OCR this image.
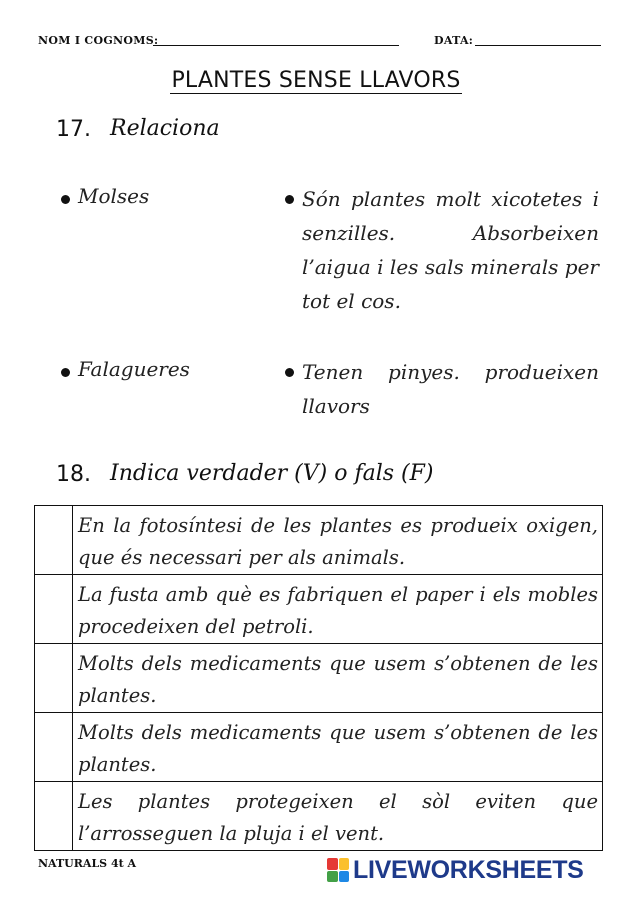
NOM I COGNOMS:	DATA:
PLANTES SENSE LLAVORS
17. Relaciona
Molses	Són plantes molt xicotetes i senzilles. Absorbeixen l’aigua i les sals minerals per tot el cos.
Falagueres	Tenen pinyes. produeixen llavors
18. Indica verdader (V) o fals (F)
	En la fotosíntesi de les plantes es produeix oxigen, que és necessari per als animals.
	La fusta amb què es fabriquen el paper i els mobles procedeixen del petroli.
	Molts dels medicaments que usem s’obtenen de les plantes.
	Molts dels medicaments que usem s’obtenen de les plantes.
	Les plantes protegeixen el sòl eviten que l’arrosseguen la pluja i el vent.
NATURALS 4t A	LIVEWORKSHEETS
